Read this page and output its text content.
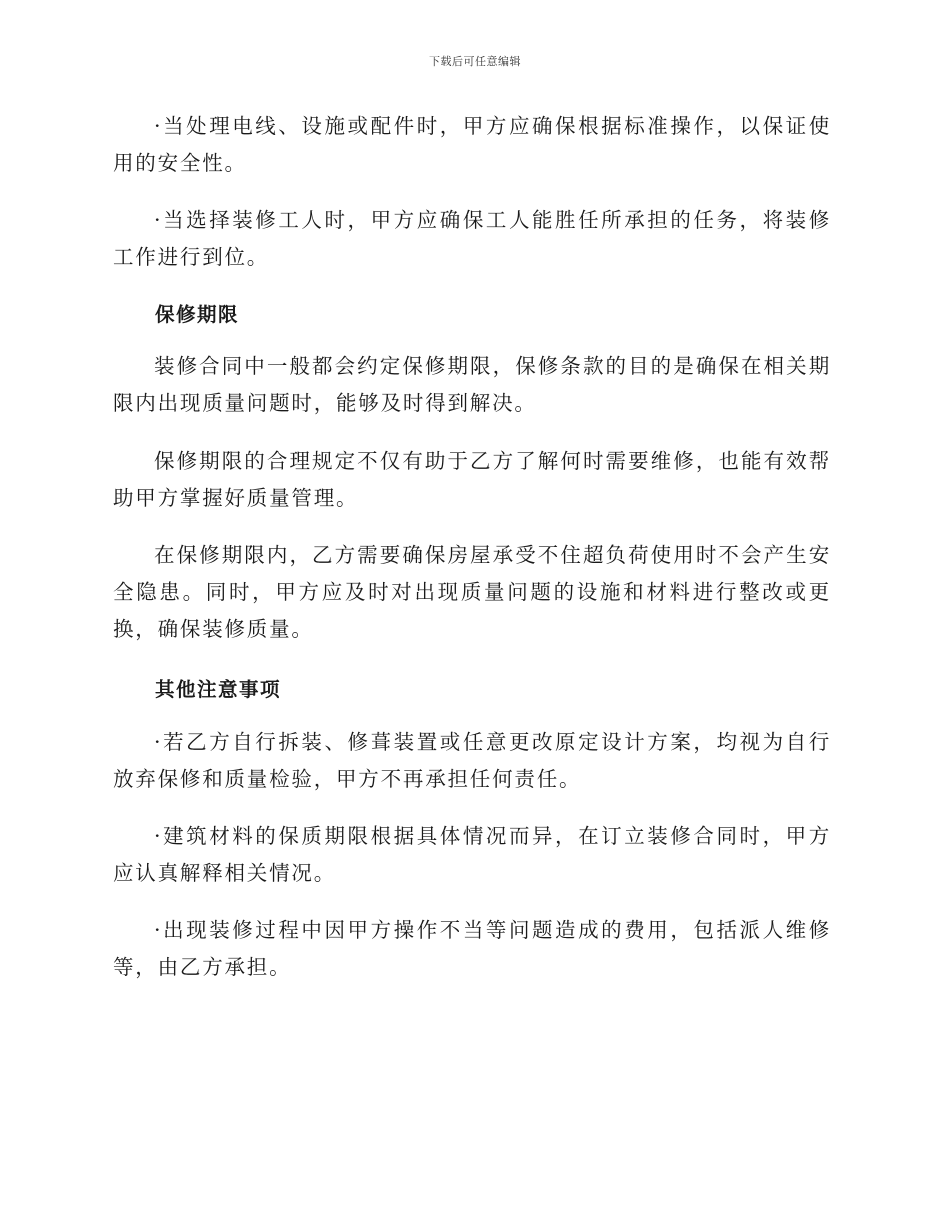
下载后可任意编辑

·当处理电线、设施或配件时，甲方应确保根据标准操作，以保证使用的安全性。

·当选择装修工人时，甲方应确保工人能胜任所承担的任务，将装修工作进行到位。

保修期限

装修合同中一般都会约定保修期限，保修条款的目的是确保在相关期限内出现质量问题时，能够及时得到解决。

保修期限的合理规定不仅有助于乙方了解何时需要维修，也能有效帮助甲方掌握好质量管理。

在保修期限内，乙方需要确保房屋承受不住超负荷使用时不会产生安全隐患。同时，甲方应及时对出现质量问题的设施和材料进行整改或更换，确保装修质量。

其他注意事项

·若乙方自行拆装、修葺装置或任意更改原定设计方案，均视为自行放弃保修和质量检验，甲方不再承担任何责任。

·建筑材料的保质期限根据具体情况而异，在订立装修合同时，甲方应认真解释相关情况。

·出现装修过程中因甲方操作不当等问题造成的费用，包括派人维修等，由乙方承担。
